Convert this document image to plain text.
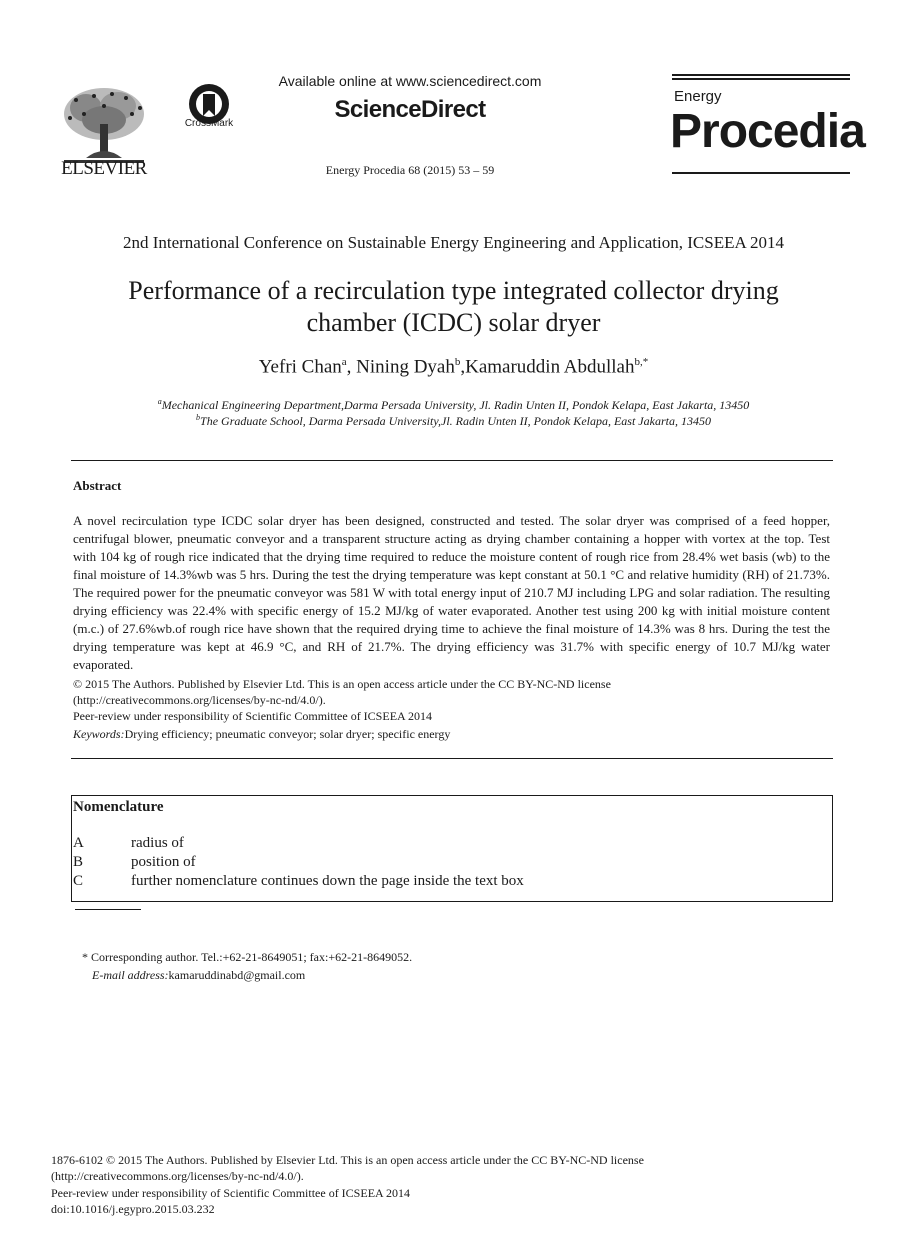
ELSEVIER
CrossMark
Available online at www.sciencedirect.com
ScienceDirect
Energy Procedia 68 (2015) 53 – 59
Energy
Procedia
2nd International Conference on Sustainable Energy Engineering and Application, ICSEEA 2014
Performance of a recirculation type integrated collector drying
chamber (ICDC) solar dryer
Yefri Chan$^a$, Nining Dyah$^b$,Kamaruddin Abdullah$^{b,*}$
$^a$Mechanical Engineering Department,Darma Persada University, Jl. Radin Unten II, Pondok Kelapa, East Jakarta, 13450
$^b$The Graduate School, Darma Persada University,Jl. Radin Unten II, Pondok Kelapa, East Jakarta, 13450
Abstract
A novel recirculation type ICDC solar dryer has been designed, constructed and tested. The solar dryer was comprised of a feed hopper, centrifugal blower, pneumatic conveyor and a transparent structure acting as drying chamber containing a hopper with vortex at the top. Test with 104 kg of rough rice indicated that the drying time required to reduce the moisture content of rough rice from 28.4% wet basis (wb) to the final moisture of 14.3%wb was 5 hrs. During the test the drying temperature was kept constant at 50.1 °C and relative humidity (RH) of 21.73%. The required power for the pneumatic conveyor was 581 W with total energy input of 210.7 MJ including LPG and solar radiation. The resulting drying efficiency was 22.4% with specific energy of 15.2 MJ/kg of water evaporated. Another test using 200 kg with initial moisture content (m.c.) of 27.6%wb.of rough rice have shown that the required drying time to achieve the final moisture of 14.3% was 8 hrs. During the test the drying temperature was kept at 46.9 °C, and RH of 21.7%. The drying efficiency was 31.7% with specific energy of 10.7 MJ/kg water evaporated.
© 2015 The Authors. Published by Elsevier Ltd. This is an open access article under the CC BY-NC-ND license
(http://creativecommons.org/licenses/by-nc-nd/4.0/).
Peer-review under responsibility of Scientific Committee of ICSEEA 2014
Keywords:Drying efficiency; pneumatic conveyor; solar dryer; specific energy
Nomenclature
A	radius of
B	position of
C	further nomenclature continues down the page inside the text box
* Corresponding author. Tel.:+62-21-8649051; fax:+62-21-8649052.
E-mail address:kamaruddinabd@gmail.com
1876-6102 © 2015 The Authors. Published by Elsevier Ltd. This is an open access article under the CC BY-NC-ND license
(http://creativecommons.org/licenses/by-nc-nd/4.0/).
Peer-review under responsibility of Scientific Committee of ICSEEA 2014
doi:10.1016/j.egypro.2015.03.232
